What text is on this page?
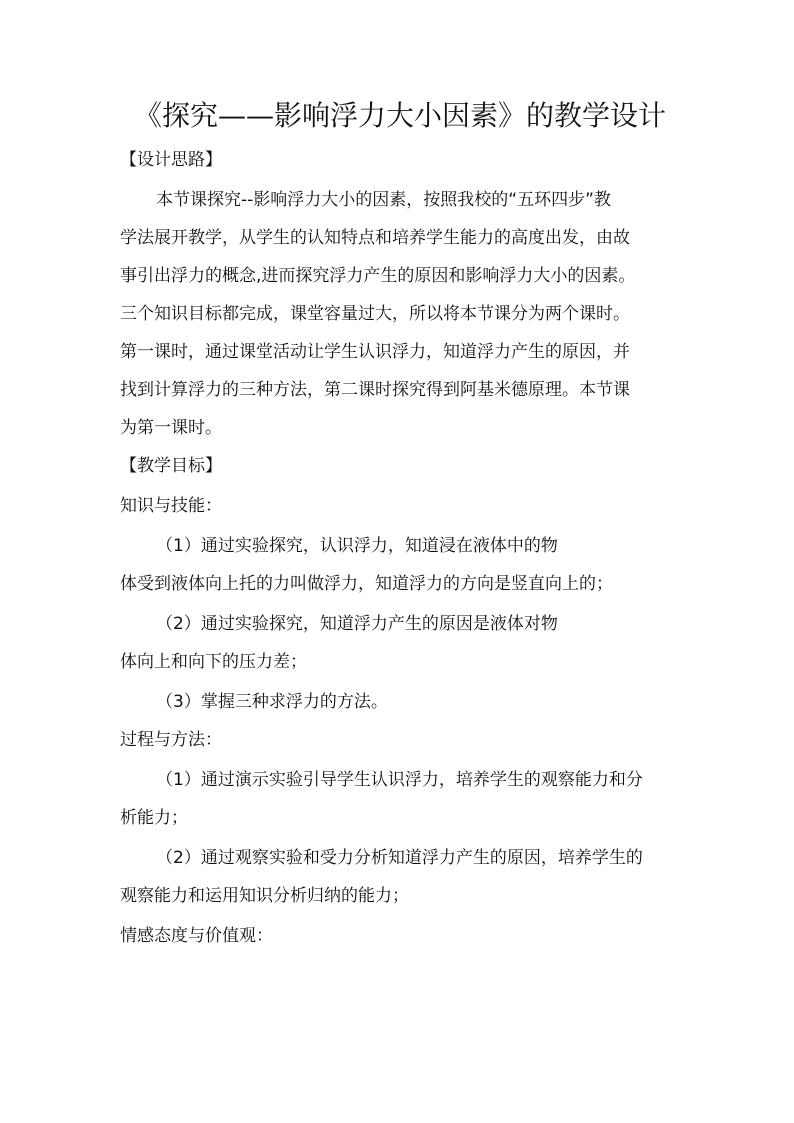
《探究——影响浮力大小因素》的教学设计
【设计思路】
本节课探究--影响浮力大小的因素，按照我校的“五环四步”教
学法展开教学，从学生的认知特点和培养学生能力的高度出发，由故
事引出浮力的概念,进而探究浮力产生的原因和影响浮力大小的因素。
三个知识目标都完成，课堂容量过大，所以将本节课分为两个课时。
第一课时，通过课堂活动让学生认识浮力，知道浮力产生的原因，并
找到计算浮力的三种方法，第二课时探究得到阿基米德原理。本节课
为第一课时。
【教学目标】
知识与技能：
（1）通过实验探究，认识浮力，知道浸在液体中的物
体受到液体向上托的力叫做浮力，知道浮力的方向是竖直向上的；
（2）通过实验探究，知道浮力产生的原因是液体对物
体向上和向下的压力差；
（3）掌握三种求浮力的方法。
过程与方法：
（1）通过演示实验引导学生认识浮力，培养学生的观察能力和分
析能力；
（2）通过观察实验和受力分析知道浮力产生的原因，培养学生的
观察能力和运用知识分析归纳的能力；
情感态度与价值观：
